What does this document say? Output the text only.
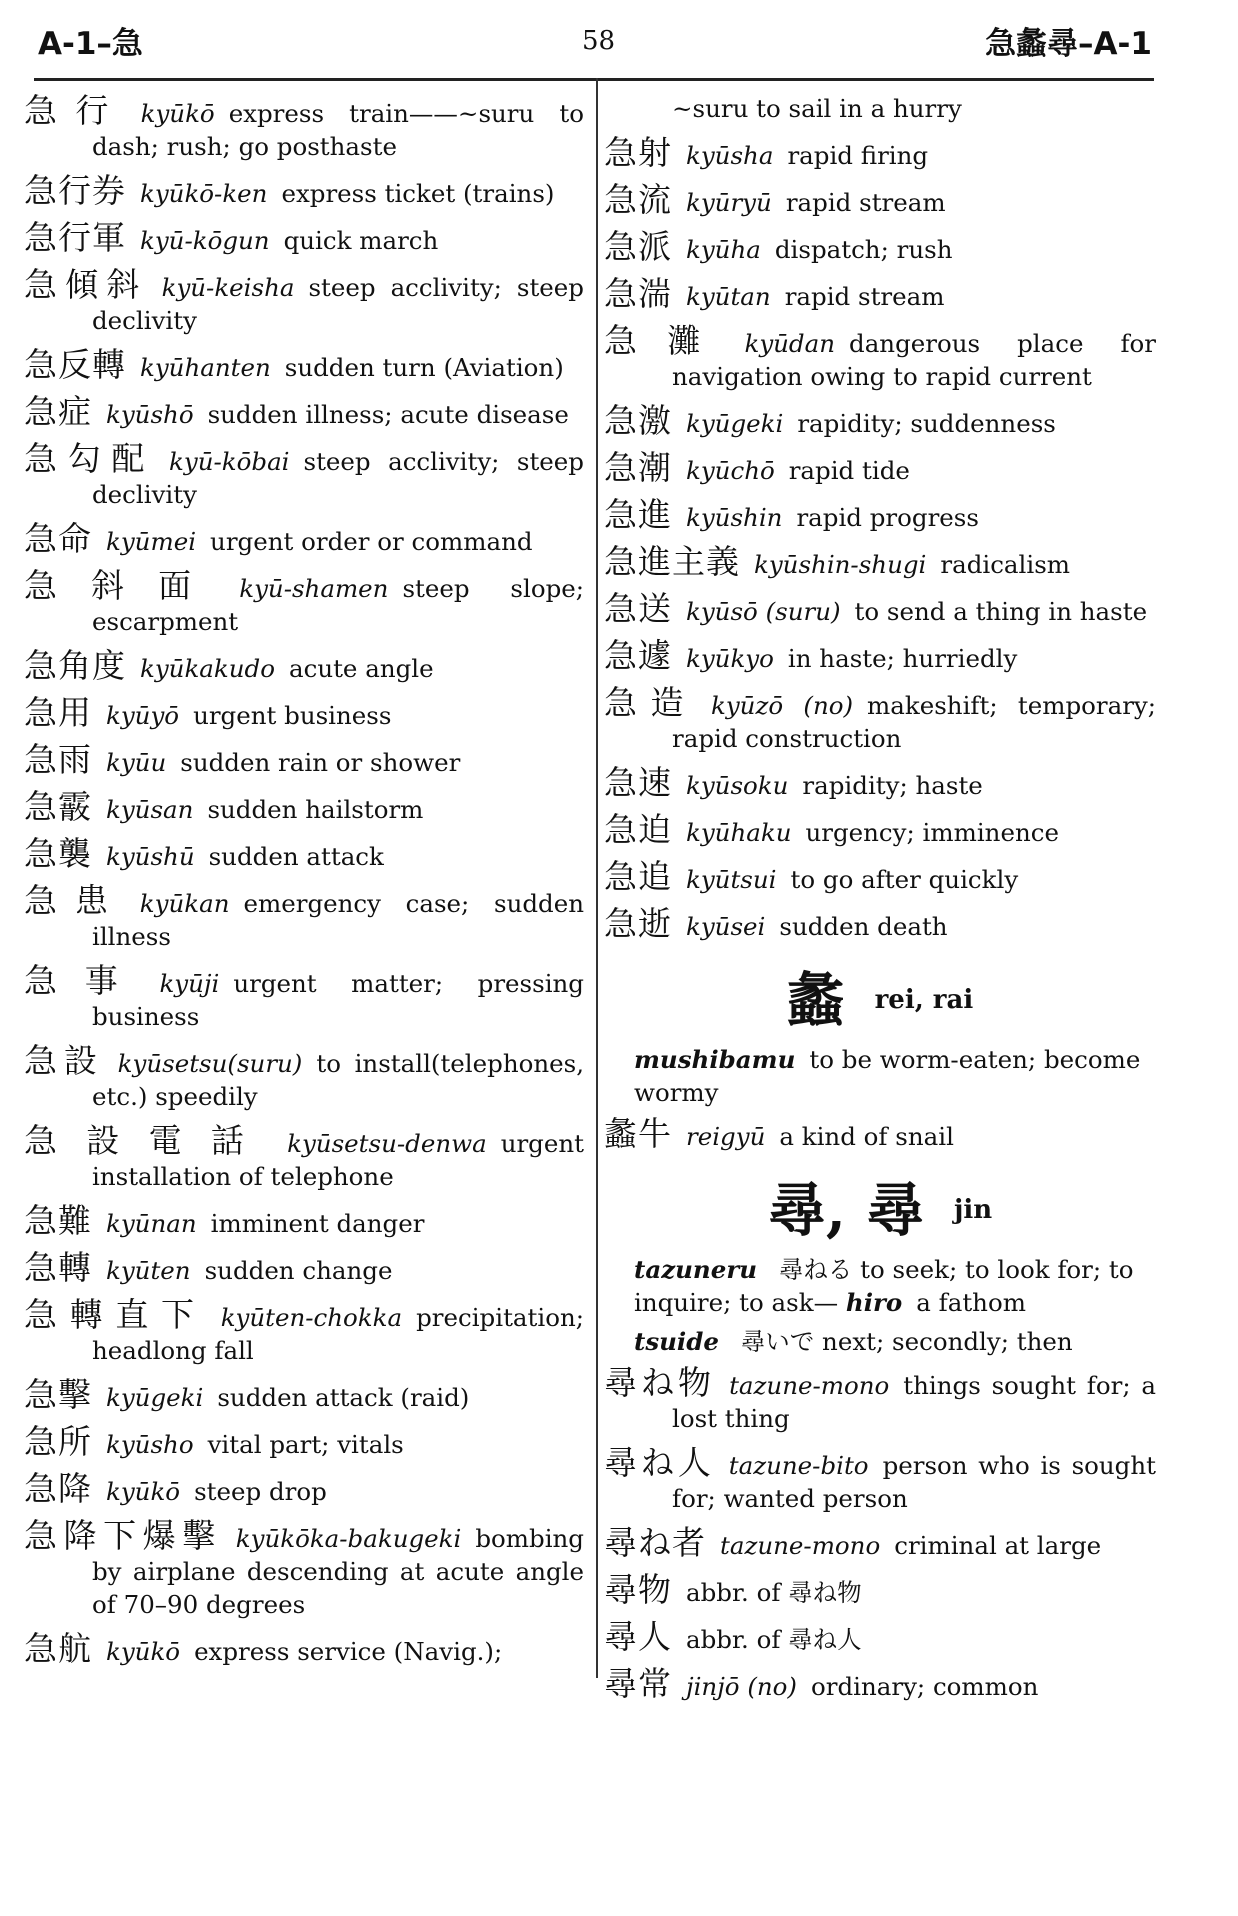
A-1–急	58	急蠡尋–A-1
急行 kyūkō express train——~suru to dash; rush; go posthaste
急行券 kyūkō-ken express ticket (trains)
急行軍 kyū-kōgun quick march
急傾斜 kyū-keisha steep acclivity; steep declivity
急反轉 kyūhanten sudden turn (Aviation)
急症 kyūshō sudden illness; acute disease
急勾配 kyū-kōbai steep acclivity; steep declivity
急命 kyūmei urgent order or command
急斜面 kyū-shamen steep slope; escarpment
急角度 kyūkakudo acute angle
急用 kyūyō urgent business
急雨 kyūu sudden rain or shower
急霰 kyūsan sudden hailstorm
急襲 kyūshū sudden attack
急患 kyūkan emergency case; sudden illness
急事 kyūji urgent matter; pressing business
急設 kyūsetsu(suru) to install(telephones, etc.) speedily
急設電話 kyūsetsu-denwa urgent installation of telephone
急難 kyūnan imminent danger
急轉 kyūten sudden change
急轉直下 kyūten-chokka precipitation; headlong fall
急擊 kyūgeki sudden attack (raid)
急所 kyūsho vital part; vitals
急降 kyūkō steep drop
急降下爆擊 kyūkōka-bakugeki bombing by airplane descending at acute angle of 70–90 degrees
急航 kyūkō express service (Navig.);
~suru to sail in a hurry
急射 kyūsha rapid firing
急流 kyūryū rapid stream
急派 kyūha dispatch; rush
急湍 kyūtan rapid stream
急灘 kyūdan dangerous place for navigation owing to rapid current
急激 kyūgeki rapidity; suddenness
急潮 kyūchō rapid tide
急進 kyūshin rapid progress
急進主義 kyūshin-shugi radicalism
急送 kyūsō (suru) to send a thing in haste
急遽 kyūkyo in haste; hurriedly
急造 kyūzō (no) makeshift; temporary; rapid construction
急速 kyūsoku rapidity; haste
急迫 kyūhaku urgency; imminence
急追 kyūtsui to go after quickly
急逝 kyūsei sudden death
蠡 rei, rai
mushibamu to be worm-eaten; become wormy
蠡牛 reigyū a kind of snail
尋, 尋 jin
tazuneru 尋ねる to seek; to look for; to inquire; to ask— hiro a fathom
tsuide 尋いで next; secondly; then
尋ね物 tazune-mono things sought for; a lost thing
尋ね人 tazune-bito person who is sought for; wanted person
尋ね者 tazune-mono criminal at large
尋物 abbr. of 尋ね物
尋人 abbr. of 尋ね人
尋常 jinjō (no) ordinary; common
